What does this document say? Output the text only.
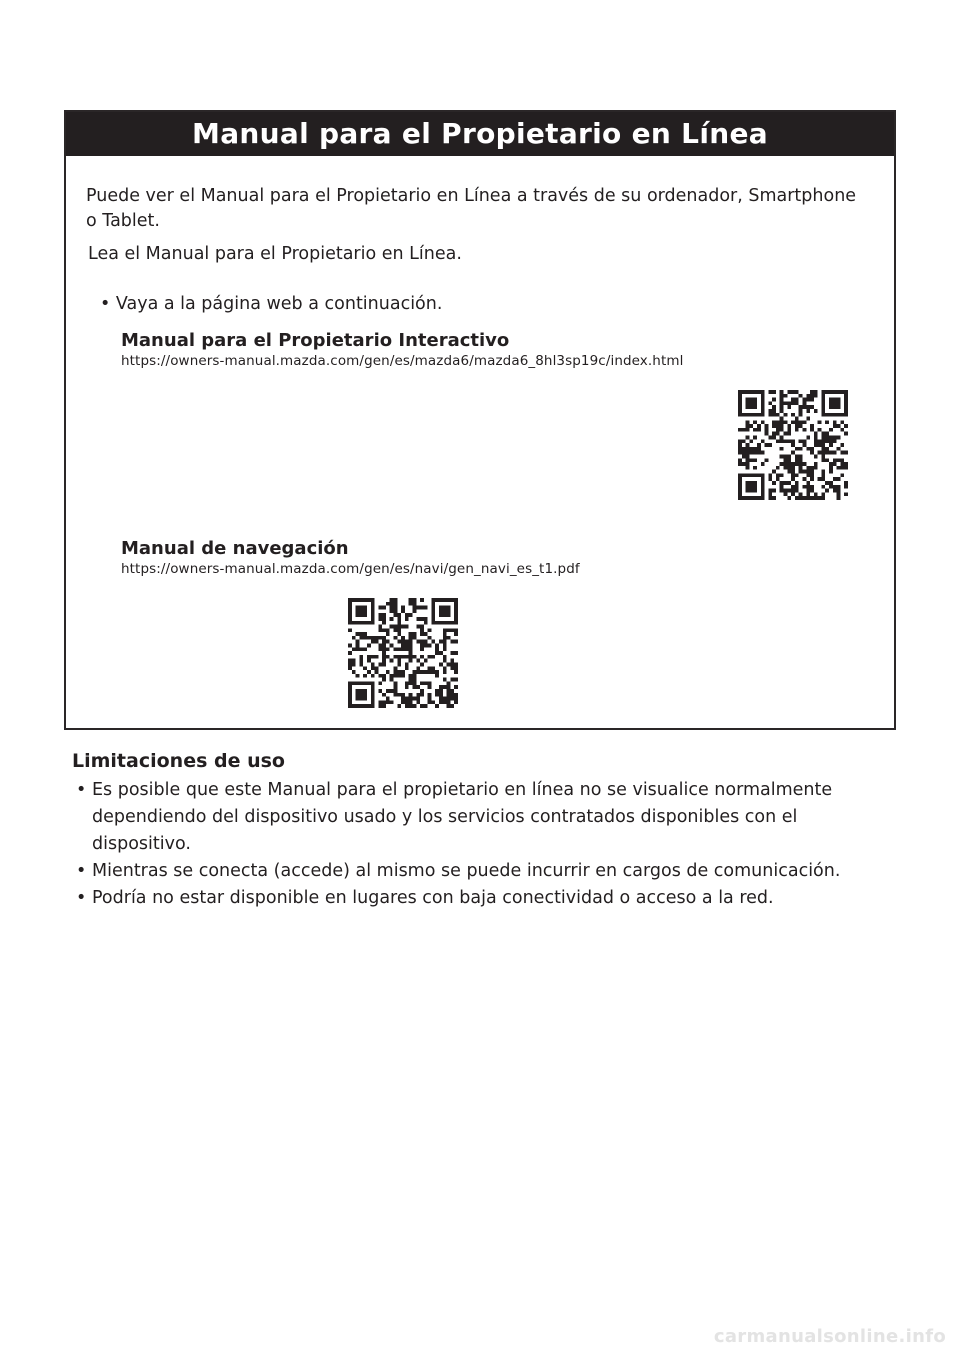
Manual para el Propietario en Línea
Puede ver el Manual para el Propietario en Línea a través de su ordenador, Smartphone o Tablet.
Lea el Manual para el Propietario en Línea.
• Vaya a la página web a continuación.
Manual para el Propietario Interactivo
https://owners-manual.mazda.com/gen/es/mazda6/mazda6_8hl3sp19c/index.html
Manual de navegación
https://owners-manual.mazda.com/gen/es/navi/gen_navi_es_t1.pdf
Limitaciones de uso
• Es posible que este Manual para el propietario en línea no se visualice normalmente dependiendo del dispositivo usado y los servicios contratados disponibles con el dispositivo.
• Mientras se conecta (accede) al mismo se puede incurrir en cargos de comunicación.
• Podría no estar disponible en lugares con baja conectividad o acceso a la red.
carmanualsonline.info
